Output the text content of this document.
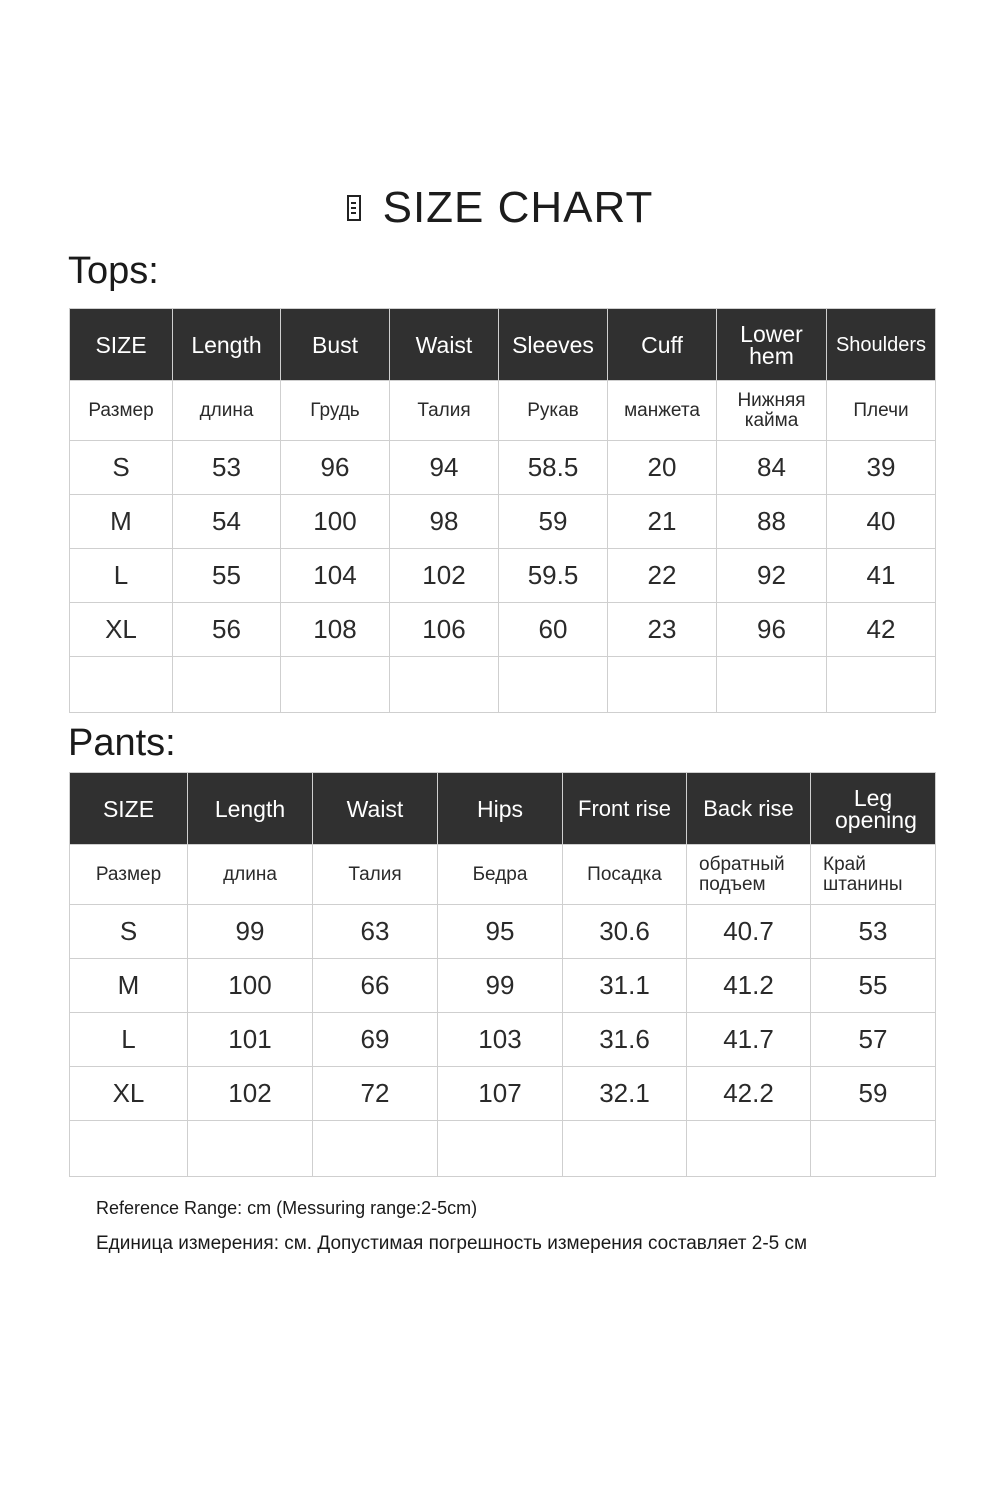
SIZE CHART
Tops:
SIZE	Length	Bust	Waist	Sleeves	Cuff	Lower hem	Shoulders
Размер	длина	Грудь	Талия	Рукав	манжета	Нижняя кайма	Плечи
S	53	96	94	58.5	20	84	39
M	54	100	98	59	21	88	40
L	55	104	102	59.5	22	92	41
XL	56	108	106	60	23	96	42

Pants:
SIZE	Length	Waist	Hips	Front rise	Back rise	Leg opening
Размер	длина	Талия	Бедра	Посадка	обратный подъем	Край штанины
S	99	63	95	30.6	40.7	53
M	100	66	99	31.1	41.2	55
L	101	69	103	31.6	41.7	57
XL	102	72	107	32.1	42.2	59

Reference Range: cm (Messuring range:2-5cm)
Единица измерения: см. Допустимая погрешность измерения составляет 2-5 см
